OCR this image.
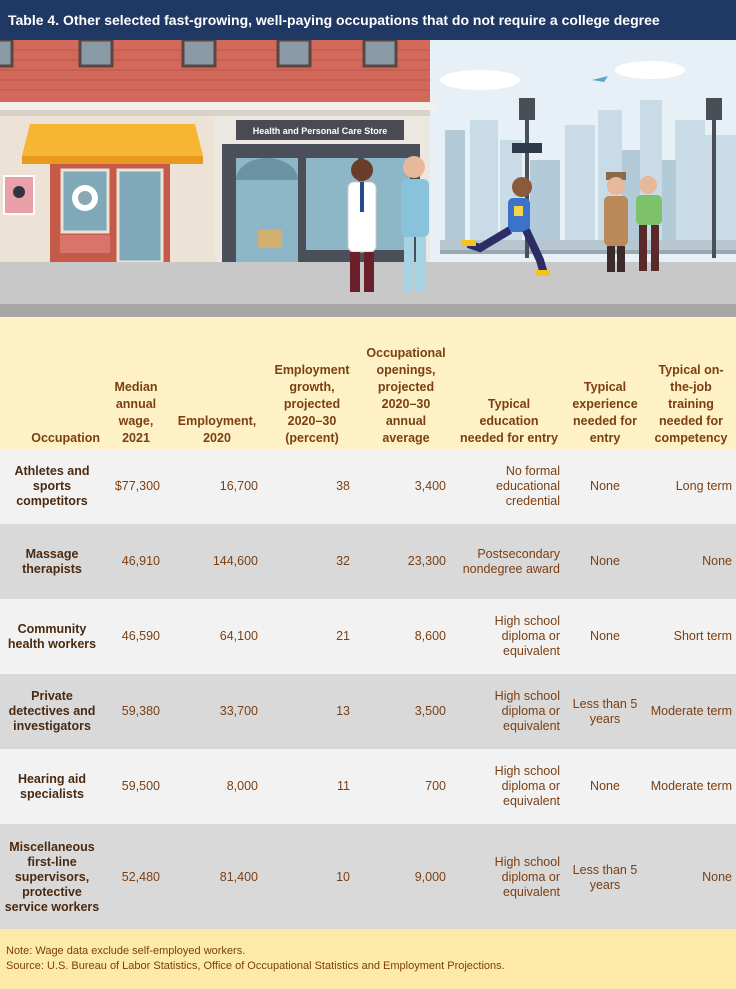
Table 4. Other selected fast-growing, well-paying occupations that do not require a college degree
Health and Personal Care Store
Occupation	Median annual wage, 2021	Employment, 2020	Employment growth, projected 2020–30 (percent)	Occupational openings, projected 2020–30 annual average	Typical education needed for entry	Typical experience needed for entry	Typical on-the-job training needed for competency
Athletes and sports competitors	$77,300	16,700	38	3,400	No formal educational credential	None	Long term
Massage therapists	46,910	144,600	32	23,300	Postsecondary nondegree award	None	None
Community health workers	46,590	64,100	21	8,600	High school diploma or equivalent	None	Short term
Private detectives and investigators	59,380	33,700	13	3,500	High school diploma or equivalent	Less than 5 years	Moderate term
Hearing aid specialists	59,500	8,000	11	700	High school diploma or equivalent	None	Moderate term
Miscellaneous first-line supervisors, protective service workers	52,480	81,400	10	9,000	High school diploma or equivalent	Less than 5 years	None
Note: Wage data exclude self-employed workers.
Source: U.S. Bureau of Labor Statistics, Office of Occupational Statistics and Employment Projections.
